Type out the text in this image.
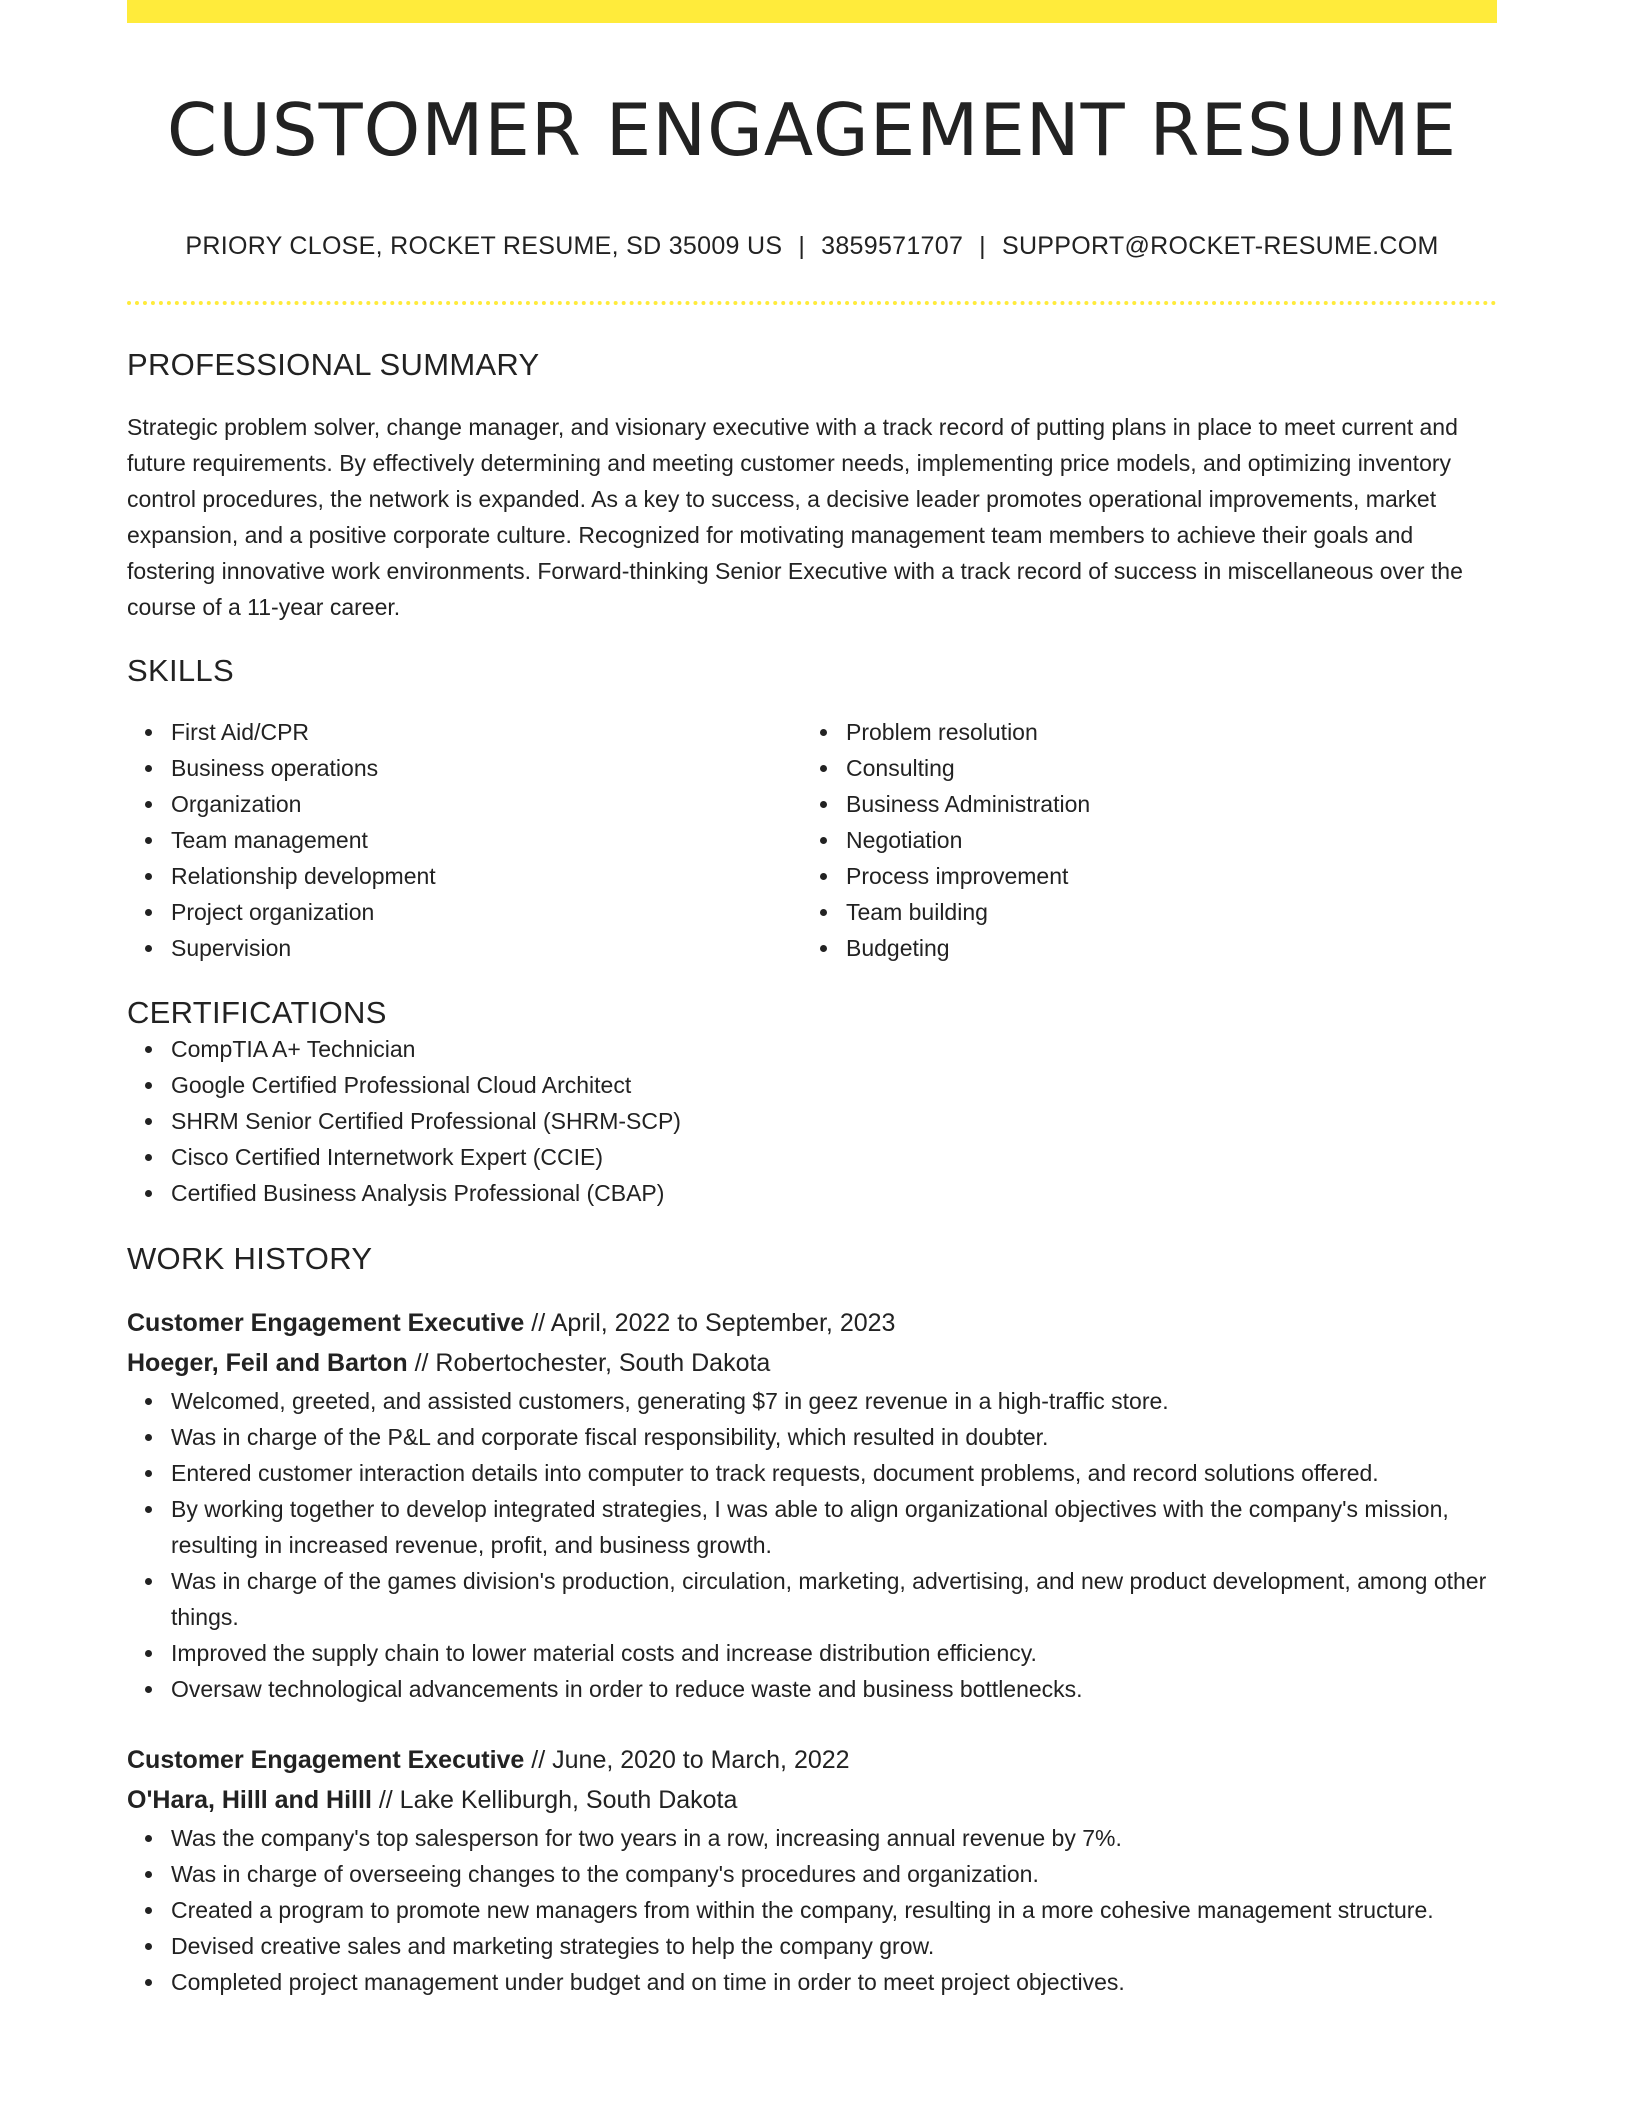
CUSTOMER ENGAGEMENT RESUME
PRIORY CLOSE, ROCKET RESUME, SD 35009 US | 3859571707 | SUPPORT@ROCKET-RESUME.COM
PROFESSIONAL SUMMARY

Strategic problem solver, change manager, and visionary executive with a track record of putting plans in place to meet current and future requirements. By effectively determining and meeting customer needs, implementing price models, and optimizing inventory control procedures, the network is expanded. As a key to success, a decisive leader promotes operational improvements, market expansion, and a positive corporate culture. Recognized for motivating management team members to achieve their goals and fostering innovative work environments. Forward-thinking Senior Executive with a track record of success in miscellaneous over the course of a 11-year career.

SKILLS
First Aid/CPR
Business operations
Organization
Team management
Relationship development
Project organization
Supervision
Problem resolution
Consulting
Business Administration
Negotiation
Process improvement
Team building
Budgeting
CERTIFICATIONS
CompTIA A+ Technician
Google Certified Professional Cloud Architect
SHRM Senior Certified Professional (SHRM-SCP)
Cisco Certified Internetwork Expert (CCIE)
Certified Business Analysis Professional (CBAP)
WORK HISTORY
Customer Engagement Executive // April, 2022 to September, 2023
Hoeger, Feil and Barton // Robertochester, South Dakota
Welcomed, greeted, and assisted customers, generating $7 in geez revenue in a high-traffic store.
Was in charge of the P&L and corporate fiscal responsibility, which resulted in doubter.
Entered customer interaction details into computer to track requests, document problems, and record solutions offered.
By working together to develop integrated strategies, I was able to align organizational objectives with the company's mission, resulting in increased revenue, profit, and business growth.
Was in charge of the games division's production, circulation, marketing, advertising, and new product development, among other things.
Improved the supply chain to lower material costs and increase distribution efficiency.
Oversaw technological advancements in order to reduce waste and business bottlenecks.
Customer Engagement Executive // June, 2020 to March, 2022
O'Hara, Hilll and Hilll // Lake Kelliburgh, South Dakota
Was the company's top salesperson for two years in a row, increasing annual revenue by 7%.
Was in charge of overseeing changes to the company's procedures and organization.
Created a program to promote new managers from within the company, resulting in a more cohesive management structure.
Devised creative sales and marketing strategies to help the company grow.
Completed project management under budget and on time in order to meet project objectives.
